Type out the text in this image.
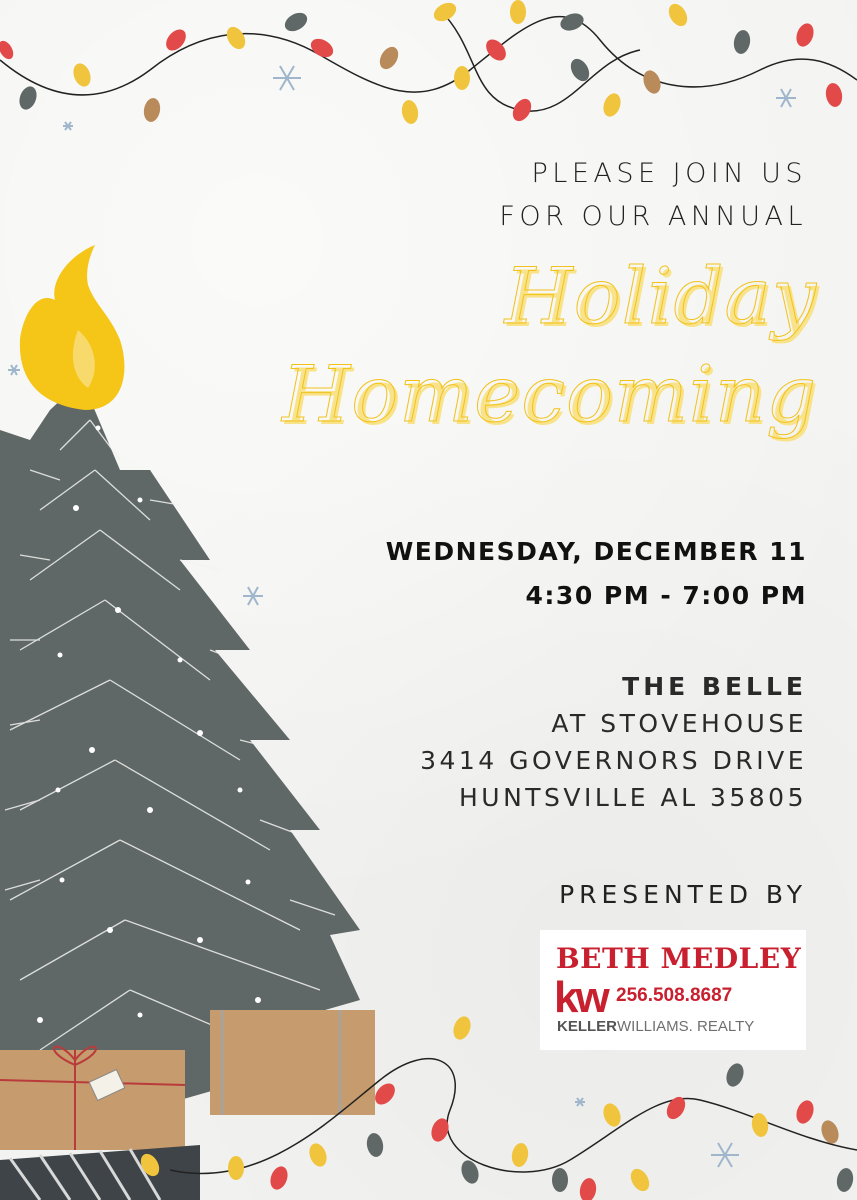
PLEASE JOIN US
FOR OUR ANNUAL
Holiday
Homecoming
WEDNESDAY, DECEMBER 11
4:30 PM - 7:00 PM
THE BELLE
AT STOVEHOUSE
3414 GOVERNORS DRIVE
HUNTSVILLE AL 35805
PRESENTED BY
BETH MEDLEY
kw 256.508.8687
KELLERWILLIAMS. REALTY
